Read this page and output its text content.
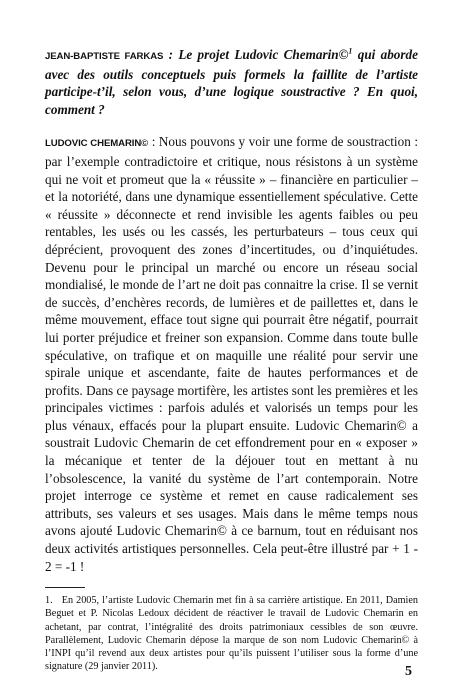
JEAN-BAPTISTE FARKAS : Le projet Ludovic Chemarin©$^1$ qui aborde avec des outils conceptuels puis formels la faillite de l’artiste participe-t’il, selon vous, d’une logique soustractive ? En quoi, comment ?

LUDOVIC CHEMARIN© : Nous pouvons y voir une forme de soustraction : par l’exemple contradictoire et critique, nous résistons à un système qui ne voit et promeut que la « réussite » – financière en particulier – et la notoriété, dans une dynamique essentiellement spéculative. Cette « réussite » déconnecte et rend invisible les agents faibles ou peu rentables, les usés ou les cassés, les perturbateurs – tous ceux qui déprécient, provoquent des zones d’incertitudes, ou d’inquiétudes. Devenu pour le principal un marché ou encore un réseau social mondialisé, le monde de l’art ne doit pas connaitre la crise. Il se vernit de succès, d’enchères records, de lumières et de paillettes et, dans le même mouvement, efface tout signe qui pourrait être négatif, pourrait lui porter préjudice et freiner son expansion. Comme dans toute bulle spéculative, on trafique et on maquille une réalité pour servir une spirale unique et ascendante, faite de hautes performances et de profits. Dans ce paysage mortifère, les artistes sont les premières et les principales victimes : parfois adulés et valorisés un temps pour les plus vénaux, effacés pour la plupart ensuite. Ludovic Chemarin© a soustrait Ludovic Chemarin de cet effondrement pour en « exposer » la mécanique et tenter de la déjouer tout en mettant à nu l’obsolescence, la vanité du système de l’art contemporain. Notre projet interroge ce système et remet en cause radicalement ses attributs, ses valeurs et ses usages. Mais dans le même temps nous avons ajouté Ludovic Chemarin© à ce barnum, tout en réduisant nos deux activités artistiques personnelles. Cela peut-être illustré par + 1 - 2 = -1 !

1. En 2005, l’artiste Ludovic Chemarin met fin à sa carrière artistique. En 2011, Damien Beguet et P. Nicolas Ledoux décident de réactiver le travail de Ludovic Chemarin en achetant, par contrat, l’intégralité des droits patrimoniaux cessibles de son œuvre. Parallèlement, Ludovic Chemarin dépose la marque de son nom Ludovic Chemarin© à l’INPI qu’il revend aux deux artistes pour qu’ils puissent l’utiliser sous la forme d’une signature (29 janvier 2011).	5
